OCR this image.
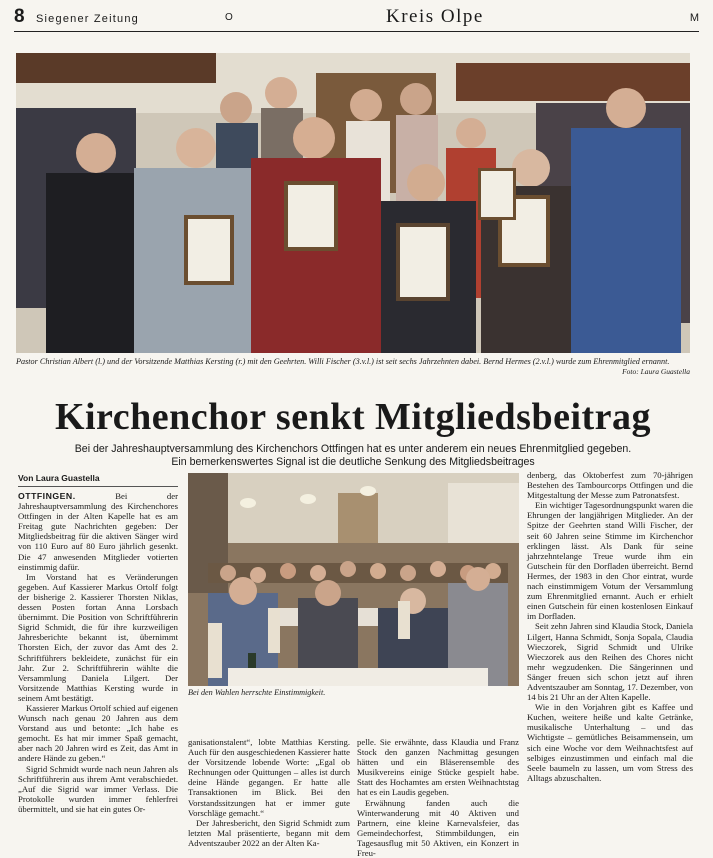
8 Siegener Zeitung	O	Kreis Olpe	M
Pastor Christian Albert (l.) und der Vorsitzende Matthias Kersting (r.) mit den Geehrten. Willi Fischer (3.v.l.) ist seit sechs Jahrzehnten dabei. Bernd Hermes (2.v.l.) wurde zum Ehrenmitglied ernannt.
Foto: Laura Guastella
Kirchenchor senkt Mitgliedsbeitrag
Bei der Jahreshauptversammlung des Kirchenchors Ottfingen hat es unter anderem ein neues Ehrenmitglied gegeben.
Ein bemerkenswertes Signal ist die deutliche Senkung des Mitgliedsbeitrages
Von Laura Guastella

OTTFINGEN.	Bei der Jahreshauptversammlung des Kirchenchores Ottfingen in der Alten Kapelle hat es am Freitag gute Nachrichten gegeben: Der Mitgliedsbeitrag für die aktiven Sänger wird von 110 Euro auf 80 Euro jährlich gesenkt. Die 47 anwesenden Mitglieder votierten einstimmig dafür.

Im Vorstand hat es Veränderungen gegeben. Auf Kassierer Markus Ortolf folgt der bisherige 2. Kassierer Thorsten Niklas, dessen Posten fortan Anna Lorsbach übernimmt. Die Position von Schriftführerin Sigrid Schmidt, die für ihre kurzweiligen Jahresberichte bekannt ist, übernimmt Thorsten Eich, der zuvor das Amt des 2. Schriftführers bekleidete, zunächst für ein Jahr. Zur 2. Schriftführerin wählte die Versammlung Daniela Lilgert. Der Vorsitzende Matthias Kersting wurde in seinem Amt bestätigt.

Kassierer Markus Ortolf schied auf eigenen Wunsch nach genau 20 Jahren aus dem Vorstand aus und betonte: „Ich habe es gemocht. Es hat mir immer Spaß gemacht, aber nach 20 Jahren wird es Zeit, das Amt in andere Hände zu geben.“

Sigrid Schmidt wurde nach neun Jahren als Schriftführerin aus ihrem Amt verabschiedet. „Auf die Sigrid war immer Verlass. Die Protokolle wurden immer fehlerfrei übermittelt, und sie hat ein gutes Or-

Bei den Wahlen herrschte Einstimmigkeit.

ganisationstalent“, lobte Matthias Kersting. Auch für den ausgeschiedenen Kassierer hatte der Vorsitzende lobende Worte: „Egal ob Rechnungen oder Quittungen – alles ist durch deine Hände gegangen. Er hatte alle Transaktionen im Blick. Bei den Vorstandssitzungen hat er immer gute Vorschläge gemacht.“

Der Jahresbericht, den Sigrid Schmidt zum letzten Mal präsentierte, begann mit dem Adventszauber 2022 an der Alten Ka-

pelle. Sie erwähnte, dass Klaudia und Franz Stock den ganzen Nachmittag gesungen hätten und ein Bläserensemble des Musikvereins einige Stücke gespielt habe. Statt des Hochamtes am ersten Weihnachtstag hat es ein Laudis gegeben.

Erwähnung fanden auch die Winterwanderung mit 40 Aktiven und Partnern, eine kleine Karnevalsfeier, das Gemeindechorfest, Stimmbildungen, ein Tagesausflug mit 50 Aktiven, ein Konzert in Freu-

denberg, das Oktoberfest zum 70-jährigen Bestehen des Tambourcorps Ottfingen und die Mitgestaltung der Messe zum Patronatsfest.

Ein wichtiger Tagesordnungspunkt waren die Ehrungen der langjährigen Mitglieder. An der Spitze der Geehrten stand Willi Fischer, der seit 60 Jahren seine Stimme im Kirchenchor erklingen lässt. Als Dank für seine jahrzehntelange Treue wurde ihm ein Gutschein für den Dorfladen überreicht. Bernd Hermes, der 1983 in den Chor eintrat, wurde nach einstimmigem Votum der Versammlung zum Ehrenmitglied ernannt. Auch er erhielt einen Gutschein für einen kostenlosen Einkauf im Dorfladen.

Seit zehn Jahren sind Klaudia Stock, Daniela Lilgert, Hanna Schmidt, Sonja Sopala, Claudia Wieczorek, Sigrid Schmidt und Ulrike Wieczorek aus den Reihen des Chores nicht mehr wegzudenken. Die Sängerinnen und Sänger freuen sich schon jetzt auf ihren Adventszauber am Sonntag, 17. Dezember, von 14 bis 21 Uhr an der Alten Kapelle.

Wie in den Vorjahren gibt es Kaffee und Kuchen, weitere heiße und kalte Getränke, musikalische Unterhaltung – und das Wichtigste – gemütliches Beisammensein, um sich eine Woche vor dem Weihnachtsfest auf selbiges einzustimmen und einfach mal die Seele baumeln zu lassen, um vom Stress des Alltags abzuschalten.
